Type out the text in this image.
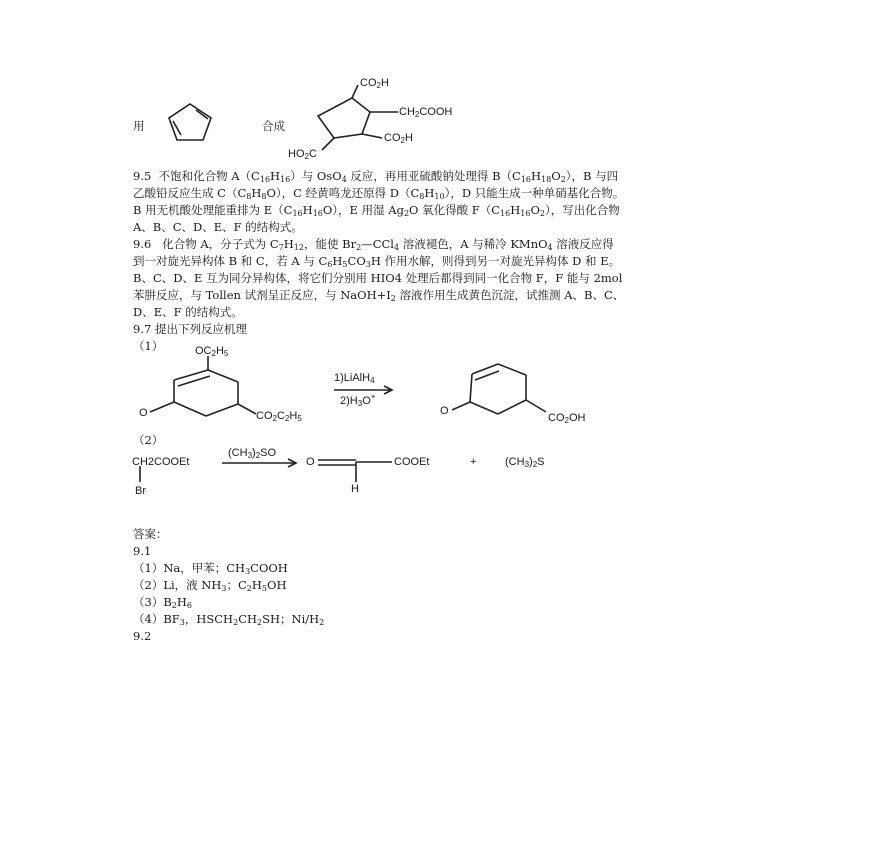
用	合成
$CO_2H$
$CH_2COOH$
$CO_2H$
$HO_2C$
9.5  不饱和化合物 $A(C_{16}H_{16})$与 OsO$_4$ 反应，再用亚硫酸钠处理得 $B(C_{16}H_{18}O_2)$，B 与四
乙酸铅反应生成 $C(C_8H_8O)$，C 经黄鸣龙还原得 $D(C_8H_{10})$，D 只能生成一种单硝基化合物。
B 用无机酸处理能重排为 $E(C_{16}H_{16}O)$，E 用湿 $Ag_2O$ 氧化得酸 $F(C_{16}H_{16}O_2)$，写出化合物
A、B、C、D、E、F 的结构式。
9.6   化合物 A，分子式为 $C_7H_{12}$，能使 $Br_2—CCl_4$ 溶液褪色，A 与稀冷 KMnO$_4$ 溶液反应得
到一对旋光异构体 B 和 C，若 A 与 $C_6H_5CO_3H$ 作用水解，则得到另一对旋光异构体 D 和 E。
B、C、D、E 互为同分异构体，将它们分别用 HIO4 处理后都得到同一化合物 F，F 能与 2mol
苯肼反应，与 Tollen 试剂呈正反应，与 $NaOH+I_2$ 溶液作用生成黄色沉淀，试推测 A、B、C、
D、E、F 的结构式。
9.7 提出下列反应机理
（1）	$OC_2H_5$
O	$CO_2C_2H_5$
1)LiAlH$_4$
$2)H_3O^+$
O
$CO_2OH$
（2）
CH2COOEt
Br
$(CH_3)_2SO$
O	COOEt
H
+	$(CH_3)_2S$
答案：
9.1
（1）Na，甲苯；$CH_3COOH$
（2）Li，液 $NH_3$；$C_2H_5OH$
$(3)B_2H_6$
$(4)BF_3$，$HSCH_2CH_2SH$；$Ni/H_2$
9.2
